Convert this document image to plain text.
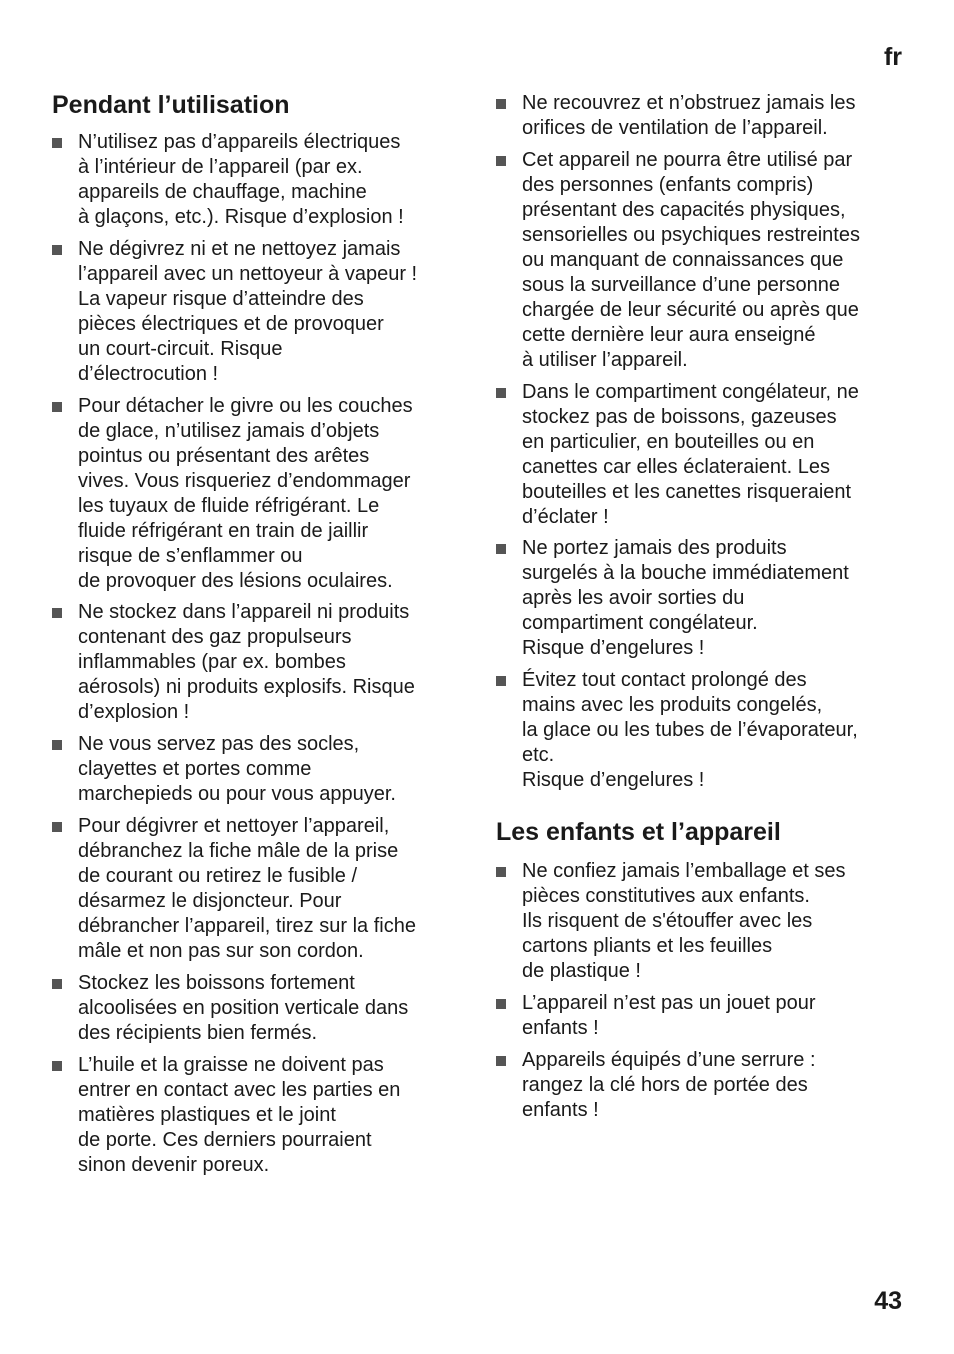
fr
Pendant l’utilisation
N’utilisez pas d’appareils électriques
à l’intérieur de l’appareil (par ex.
appareils de chauffage, machine
à glaçons, etc.). Risque d’explosion !
Ne dégivrez ni et ne nettoyez jamais
l’appareil avec un nettoyeur à vapeur !
La vapeur risque d’atteindre des
pièces électriques et de provoquer
un court-circuit. Risque
d’électrocution !
Pour détacher le givre ou les couches
de glace, n’utilisez jamais d’objets
pointus ou présentant des arêtes
vives. Vous risqueriez d’endommager
les tuyaux de fluide réfrigérant. Le
fluide réfrigérant en train de jaillir
risque de s’enflammer ou
de provoquer des lésions oculaires.
Ne stockez dans l’appareil ni produits
contenant des gaz propulseurs
inflammables (par ex. bombes
aérosols) ni produits explosifs. Risque
d’explosion !
Ne vous servez pas des socles,
clayettes et portes comme
marchepieds ou pour vous appuyer.
Pour dégivrer et nettoyer l’appareil,
débranchez la fiche mâle de la prise
de courant ou retirez le fusible /
désarmez le disjoncteur. Pour
débrancher l’appareil, tirez sur la fiche
mâle et non pas sur son cordon.
Stockez les boissons fortement
alcoolisées en position verticale dans
des récipients bien fermés.
L’huile et la graisse ne doivent pas
entrer en contact avec les parties en
matières plastiques et le joint
de porte. Ces derniers pourraient
sinon devenir poreux.
Ne recouvrez et n’obstruez jamais les
orifices de ventilation de l’appareil.
Cet appareil ne pourra être utilisé par
des personnes (enfants compris)
présentant des capacités physiques,
sensorielles ou psychiques restreintes
ou manquant de connaissances que
sous la surveillance d’une personne
chargée de leur sécurité ou après que
cette dernière leur aura enseigné
à utiliser l’appareil.
Dans le compartiment congélateur, ne
stockez pas de boissons, gazeuses
en particulier, en bouteilles ou en
canettes car elles éclateraient. Les
bouteilles et les canettes risqueraient
d’éclater !
Ne portez jamais des produits
surgelés à la bouche immédiatement
après les avoir sorties du
compartiment congélateur.
Risque d’engelures !
Évitez tout contact prolongé des
mains avec les produits congelés,
la glace ou les tubes de l’évaporateur,
etc.
Risque d’engelures !
Les enfants et l’appareil
Ne confiez jamais l’emballage et ses
pièces constitutives aux enfants.
Ils risquent de s'étouffer avec les
cartons pliants et les feuilles
de plastique !
L’appareil n’est pas un jouet pour
enfants !
Appareils équipés d’une serrure :
rangez la clé hors de portée des
enfants !
43
